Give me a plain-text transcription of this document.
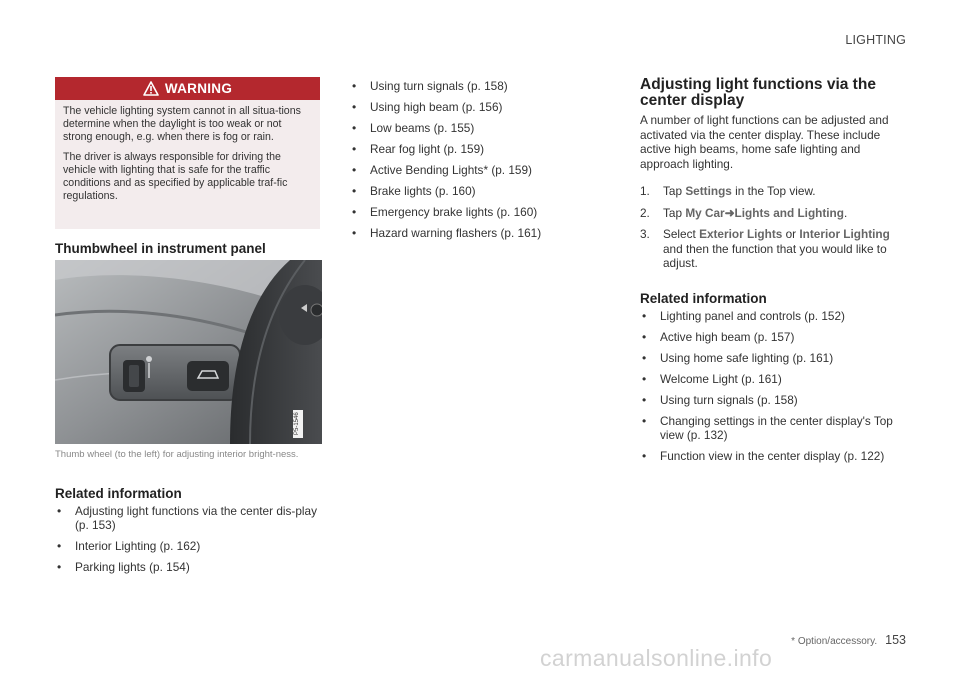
LIGHTING
WARNING

The vehicle lighting system cannot in all situa-tions determine when the daylight is too weak or not strong enough, e.g. when there is fog or rain.

The driver is always responsible for driving the vehicle with lighting that is safe for the traffic conditions and as specified by applicable traf-fic regulations.

Thumbwheel in instrument panel
P5-1546
Thumb wheel (to the left) for adjusting interior bright-ness.
Related information
• Adjusting light functions via the center dis-play (p. 153)
• Interior Lighting (p. 162)
• Parking lights (p. 154)
• Using turn signals (p. 158)
• Using high beam (p. 156)
• Low beams (p. 155)
• Rear fog light (p. 159)
• Active Bending Lights* (p. 159)
• Brake lights (p. 160)
• Emergency brake lights (p. 160)
• Hazard warning flashers (p. 161)
Adjusting light functions via the center display
A number of light functions can be adjusted and activated via the center display. These include active high beams, home safe lighting and approach lighting.
1. Tap Settings in the Top view.
2. Tap My Car➜Lights and Lighting.
3. Select Exterior Lights or Interior Lighting and then the function that you would like to adjust.
Related information
• Lighting panel and controls (p. 152)
• Active high beam (p. 157)
• Using home safe lighting (p. 161)
• Welcome Light (p. 161)
• Using turn signals (p. 158)
• Changing settings in the center display's Top view (p. 132)
• Function view in the center display (p. 122)
* Option/accessory. 153
carmanualsonline.info
